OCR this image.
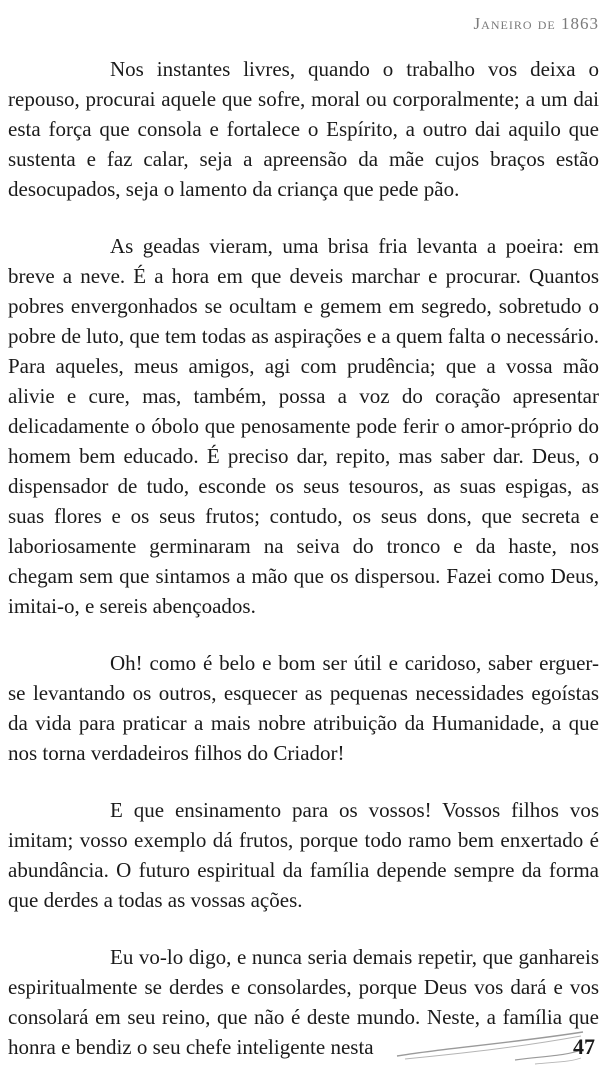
Janeiro de 1863

Nos instantes livres, quando o trabalho vos deixa o repouso, procurai aquele que sofre, moral ou corporalmente; a um dai esta força que consola e fortalece o Espírito, a outro dai aquilo que sustenta e faz calar, seja a apreensão da mãe cujos braços estão desocupados, seja o lamento da criança que pede pão.

As geadas vieram, uma brisa fria levanta a poeira: em breve a neve. É a hora em que deveis marchar e procurar. Quantos pobres envergonhados se ocultam e gemem em segredo, sobretudo o pobre de luto, que tem todas as aspirações e a quem falta o necessário. Para aqueles, meus amigos, agi com prudência; que a vossa mão alivie e cure, mas, também, possa a voz do coração apresentar delicadamente o óbolo que penosamente pode ferir o amor-próprio do homem bem educado. É preciso dar, repito, mas saber dar. Deus, o dispensador de tudo, esconde os seus tesouros, as suas espigas, as suas flores e os seus frutos; contudo, os seus dons, que secreta e laboriosamente germinaram na seiva do tronco e da haste, nos chegam sem que sintamos a mão que os dispersou. Fazei como Deus, imitai-o, e sereis abençoados.

Oh! como é belo e bom ser útil e caridoso, saber erguer-se levantando os outros, esquecer as pequenas necessidades egoístas da vida para praticar a mais nobre atribuição da Humanidade, a que nos torna verdadeiros filhos do Criador!

E que ensinamento para os vossos! Vossos filhos vos imitam; vosso exemplo dá frutos, porque todo ramo bem enxertado é abundância. O futuro espiritual da família depende sempre da forma que derdes a todas as vossas ações.

Eu vo-lo digo, e nunca seria demais repetir, que ganhareis espiritualmente se derdes e consolardes, porque Deus vos dará e vos consolará em seu reino, que não é deste mundo. Neste, a família que honra e bendiz o seu chefe inteligente nesta	47
